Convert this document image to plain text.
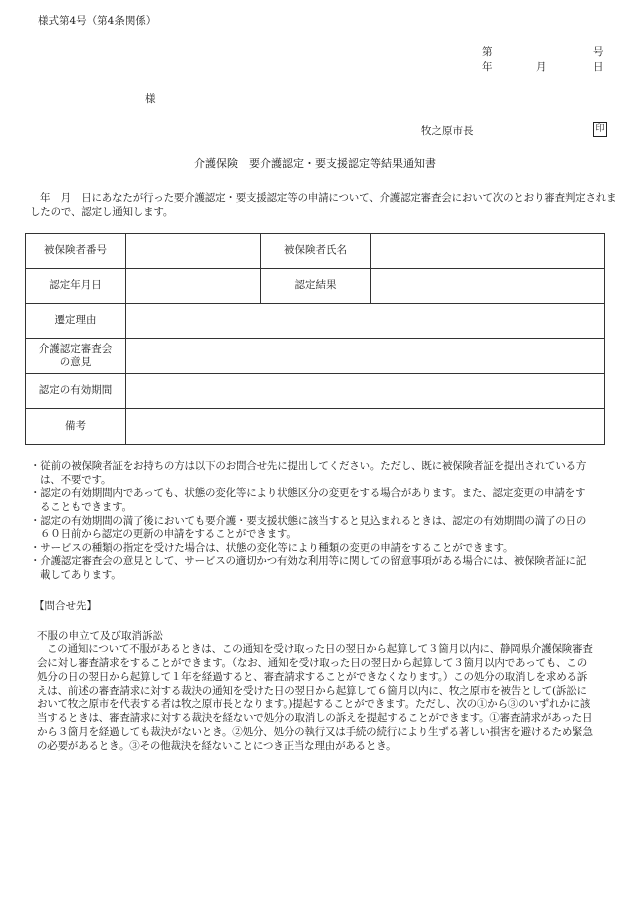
様式第4号（第4条関係）
第	号
年	月	日
様
牧之原市長	印
介護保険　要介護認定・要支援認定等結果通知書
年　月　日にあなたが行った要介護認定・要支援認定等の申請について、介護認定審査会において次のとおり審査判定されましたので、認定し通知します。
被保険者番号		被保険者氏名	
認定年月日		認定結果	
遷定理由			
介護認定審査会
の意見			
認定の有効期間			
備考			
・従前の被保険者証をお持ちの方は以下のお問合せ先に提出してください。ただし、既に被保険者証を提出されている方は、不要です。
・認定の有効期間内であっても、状態の変化等により状態区分の変更をする場合があります。また、認定変更の申請をすることもできます。
・認定の有効期間の満了後においても要介護・要支援状態に該当すると見込まれるときは、認定の有効期間の満了の日の６０日前から認定の更新の申請をすることができます。
・サービスの種類の指定を受けた場合は、状態の変化等により種類の変更の申請をすることができます。
・介護認定審査会の意見として、サービスの適切かつ有効な利用等に関しての留意事項がある場合には、被保険者証に記載してあります。
【問合せ先】
不服の申立て及び取消訴訟
この通知について不服があるときは、この通知を受け取った日の翌日から起算して３箇月以内に、静岡県介護保険審査会に対し審査請求をすることができます。（なお、通知を受け取った日の翌日から起算して３箇月以内であっても、この処分の日の翌日から起算して１年を経過すると、審査請求することができなくなります。）この処分の取消しを求める訴えは、前述の審査請求に対する裁決の通知を受けた日の翌日から起算して６箇月以内に、牧之原市を被告として(訴訟において牧之原市を代表する者は牧之原市長となります。)提起することができます。ただし、次の①から③のいずれかに該当するときは、審査請求に対する裁決を経ないで処分の取消しの訴えを提起することができます。①審査請求があった日から３箇月を経過しても裁決がないとき。②処分、処分の執行又は手続の続行により生ずる著しい損害を避けるため緊急の必要があるとき。③その他裁決を経ないことにつき正当な理由があるとき。
